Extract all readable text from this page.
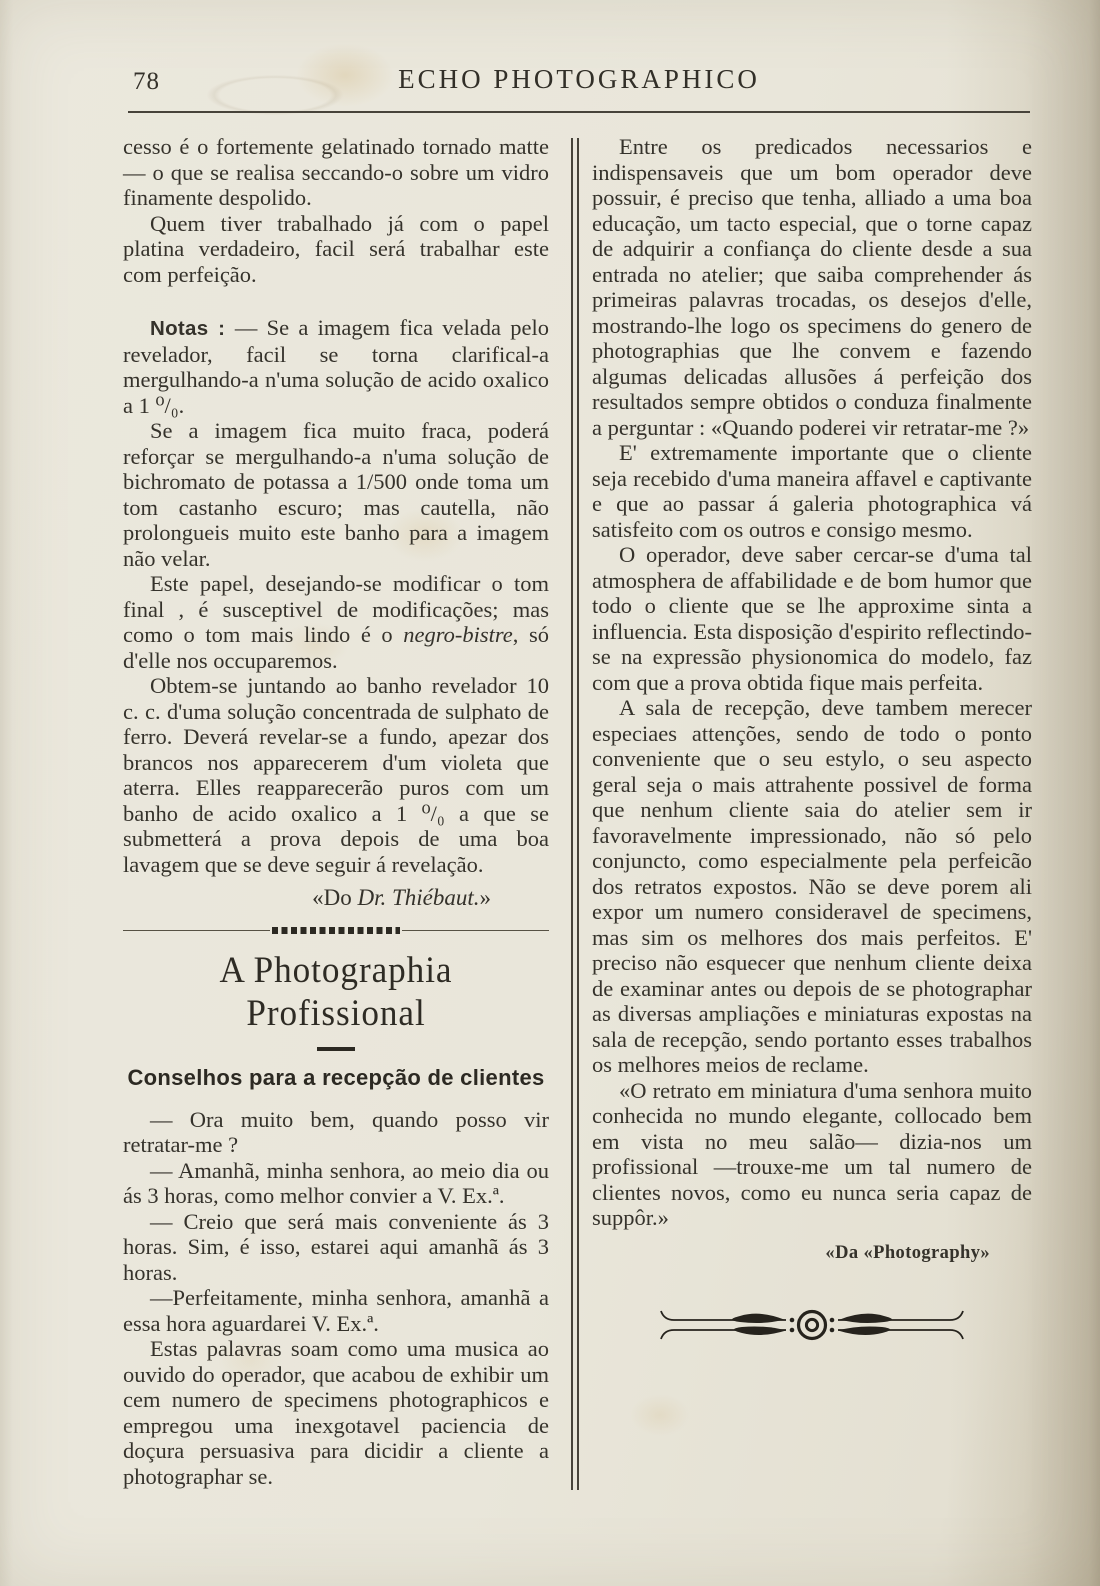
78	ECHO PHOTOGRAPHICO

cesso é o fortemente gelatinado tornado matte — o que se realisa seccando-o sobre um vidro finamente despolido.

Quem tiver trabalhado já com o papel platina verdadeiro, facil será trabalhar este com perfeição.

Notas : — Se a imagem fica velada pelo revelador, facil se torna clarifical-a mergulhando-a n'uma solução de acido oxalico a 1 ⁰/₀.

Se a imagem fica muito fraca, poderá reforçar se mergulhando-a n'uma solução de bichromato de potassa a 1/500 onde toma um tom castanho escuro; mas cautella, não prolongueis muito este banho para a imagem não velar.

Este papel, desejando-se modificar o tom final , é susceptivel de modificações; mas como o tom mais lindo é o negro-bistre, só d'elle nos occuparemos.

Obtem-se juntando ao banho revelador 10 c. c. d'uma solução concentrada de sulphato de ferro. Deverá revelar-se a fundo, apezar dos brancos nos apparecerem d'um violeta que aterra. Elles reapparecerão puros com um banho de acido oxalico a 1 ⁰/₀ a que se submetterá a prova depois de uma boa lavagem que se deve seguir á revelação.

«Do Dr. Thiébaut.»

A Photographia Profissional
Conselhos para a recepção de clientes

— Ora muito bem, quando posso vir retratar-me ?

— Amanhã, minha senhora, ao meio dia ou ás 3 horas, como melhor convier a V. Ex.ª.

— Creio que será mais conveniente ás 3 horas. Sim, é isso, estarei aqui amanhã ás 3 horas.

—Perfeitamente, minha senhora, amanhã a essa hora aguardarei V. Ex.ª.

Estas palavras soam como uma musica ao ouvido do operador, que acabou de exhibir um cem numero de specimens photographicos e empregou uma inexgotavel paciencia de doçura persuasiva para dicidir a cliente a photographar se.

Entre os predicados necessarios e indispensaveis que um bom operador deve possuir, é preciso que tenha, alliado a uma boa educação, um tacto especial, que o torne capaz de adquirir a confiança do cliente desde a sua entrada no atelier; que saiba comprehender ás primeiras palavras trocadas, os desejos d'elle, mostrando-lhe logo os specimens do genero de photographias que lhe convem e fazendo algumas delicadas allusões á perfeição dos resultados sempre obtidos o conduza finalmente a perguntar : «Quando poderei vir retratar-me ?»

E' extremamente importante que o cliente seja recebido d'uma maneira affavel e captivante e que ao passar á galeria photographica vá satisfeito com os outros e consigo mesmo.

O operador, deve saber cercar-se d'uma tal atmosphera de affabilidade e de bom humor que todo o cliente que se lhe approxime sinta a influencia. Esta disposição d'espirito reflectindo-se na expressão physionomica do modelo, faz com que a prova obtida fique mais perfeita.

A sala de recepção, deve tambem merecer especiaes attenções, sendo de todo o ponto conveniente que o seu estylo, o seu aspecto geral seja o mais attrahente possivel de forma que nenhum cliente saia do atelier sem ir favoravelmente impressionado, não só pelo conjuncto, como especialmente pela perfeicão dos retratos expostos. Não se deve porem ali expor um numero consideravel de specimens, mas sim os melhores dos mais perfeitos. E' preciso não esquecer que nenhum cliente deixa de examinar antes ou depois de se photographar as diversas ampliações e miniaturas expostas na sala de recepção, sendo portanto esses trabalhos os melhores meios de reclame.

«O retrato em miniatura d'uma senhora muito conhecida no mundo elegante, collocado bem em vista no meu salão— dizia-nos um profissional —trouxe-me um tal numero de clientes novos, como eu nunca seria capaz de suppôr.»

«Da «Photography»
